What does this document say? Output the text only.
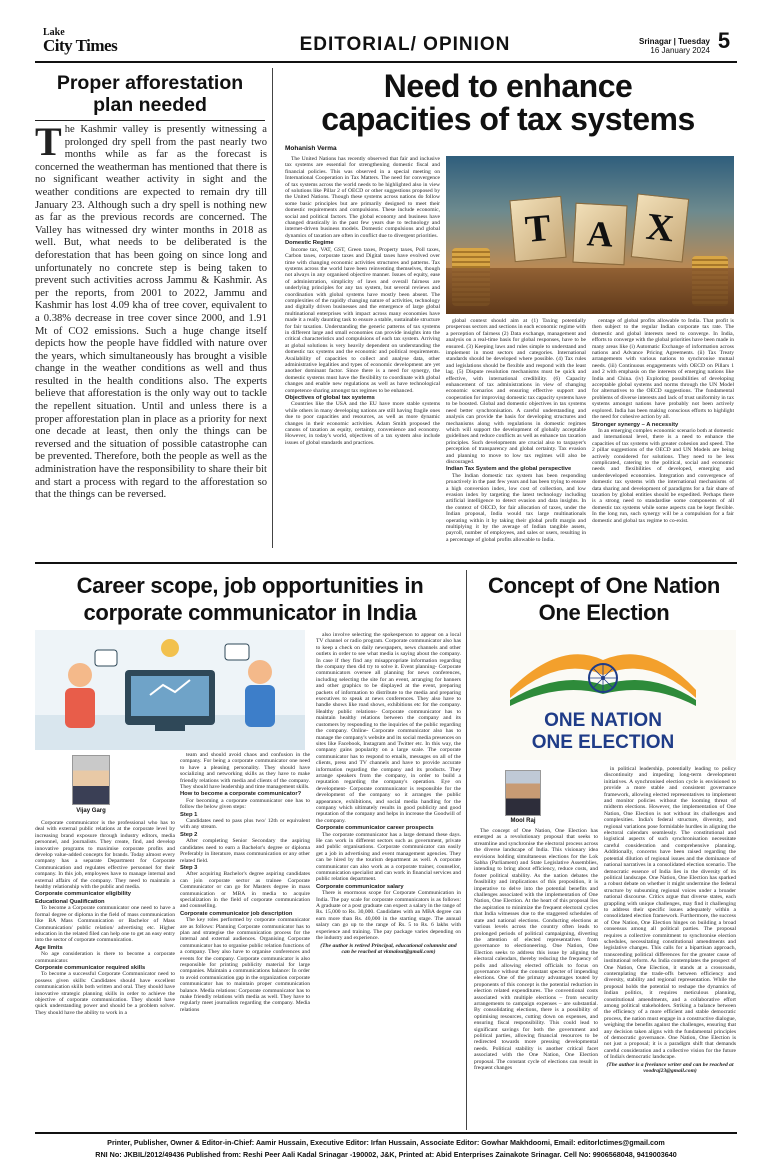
Lake
City Times	EDITORIAL/ OPINION	Srinagar | Tuesday
16 January 2024 5
Proper afforestation
plan needed
The Kashmir valley is presently witnessing a prolonged dry spell from the past nearly two months while as far as the forecast is concerned the weatherman has mentioned that there is no significant weather activity in sight and the weather conditions are expected to remain dry till January 23. Although such a dry spell is nothing new as far as the previous records are concerned. The Valley has witnessed dry winter months in 2018 as well. But, what needs to be deliberated is the deforestation that has been going on since long and unfortunately no concrete step is being taken to prevent such activities across Jammu & Kashmir. As per the reports, from 2001 to 2022, Jammu and Kashmir has lost 4.09 kha of tree cover, equivalent to a 0.38% decrease in tree cover since 2000, and 1.91 Mt of CO2 emissions. Such a huge change itself depicts how the people have fiddled with nature over the years, which simultaneously has brought a visible change in the weather conditions as well and thus resulted in the health conditions also. The experts believe that afforestation is the only way out to tackle the repellent situation. Until and unless there is a proper afforestation plan in place as a priority for next one decade at least, then only the things can be reversed and the situation of possible catastrophe can be prevented. Therefore, both the people as well as the administration have the responsibility to share their bit and start a process with regard to the afforestation so that the things can be reversed.
Need to enhance
capacities of tax systems
Mohanish Verma

The United Nations has recently observed that fair and inclusive tax systems are essential for strengthening domestic fiscal and financial policies. This was observed in a special meeting on International Cooperation in Tax Matters. The need for convergence of tax systems across the world needs to be highlighted also in view of solutions like Pillar 2 of OECD or other suggestions proposed by the United Nations. Though these systems across nations do follow some basic principles but are primarily designed to meet their domestic requirements and compulsions. These include economic, social and political factors. The global economy and business have changed drastically in the past few years due to technology and internet-driven business models. Domestic compulsions and global dynamics of taxation are often in conflict due to divergent priorities.

Domestic Regime

Income tax, VAT, GST, Green taxes, Property taxes, Poll taxes, Carbon taxes, corporate taxes and Digital taxes have evolved over time with changing economic activities structures and patterns. Tax systems across the world have been reinventing themselves, though not always in any organised objective manner. Issues of equity, ease of administration, simplicity of laws and overall fairness are underlying principles for any tax system, but several reviews and coordination with global systems have mostly been absent. The complexities of the rapidly changing nature of activities, technology and digitally driven businesses and the emergence of large global multinational enterprises with impact across many economies have made it a really daunting task to ensure a stable, sustainable structure for fair taxation. Understanding the generic patterns of tax systems in different large and small economies can provide insights into the critical characteristics and compulsions of each tax system. Arriving at global solutions is very heavily dependent on understanding the domestic tax systems and the economic and political requirements. Availability of capacities to collect and analyse data, other administrative legalities and types of economic development are yet another dominant factor. Since there is a need for synergy, the domestic systems must have the flexibility to coordinate with global changes and enable new regulations as well as have technological competence sharing amongst tax regimes to be enhanced.

Objectives of global tax systems

Countries like the USA and the EU have more stable systems while others in many developing nations are still having fragile ones due to poor capacities and resources, as well as more dynamic changes in their economic activities. Adam Smith proposed the canons of taxation as equity, certainty, convenience and economy. However, in today's world, objectives of a tax system also include issues of global standards and practices.

T A X

global context should aim at (1) Taxing potentially prosperous sectors and sections in each economic regime with a perception of fairness (2) Data exchange, management and analysis on a real-time basis for global responses, have to be ensured. (3) Keeping laws and rules simple to understand and implement in most sectors and categories. International standards should be developed where possible. (4) Tax rules and legislations should be flexible and respond with the least lag. (5) Dispute resolution mechanisms must be quick and effective, with international credibility. (6) Capacity enhancement of tax administrations in view of changing economic scenarios and ensuring effective support and cooperation for improving domestic tax capacity systems have to be boosted. Global and domestic objectives in tax systems need better synchronisation. A careful understanding and analysis can provide the basis for developing structures and mechanisms along with regulations in domestic regimes which will support the development of globally acceptable guidelines and reduce conflicts as well as enhance tax taxation principles. Such developments are crucial also to taxpayer's perception of transparency and global certainty. Tax evasion and planning to move to low tax regimes will also be discouraged.

Indian Tax System and the global perspective

The Indian domestic tax system has been responding proactively in the past few years and has been trying to ensure a high conversion index, low cost of collection, and low evasion index by targeting the latest technology including artificial intelligence to detect evasion and data insights. In the context of OECD, for fair allocation of taxes, under the Indian proposal, India would tax large multinationals operating within it by taking their global profit margin and multiplying it by the average of Indian tangible assets, payroll, number of employees, and sales or users, resulting in a percentage of global profits allowable to India.

centage of global profits allowable to India. That profit is then subject to the regular Indian corporate tax rate. The domestic and global interests need to converge. In India, efforts to converge with the global priorities have been made in many areas like (i) Automatic Exchange of information across nations and Advance Pricing Agreements. (ii) Tax Treaty arrangements with various nations to synchronise mutual needs. (iii) Continuous engagements with OECD on Pillars 1 and 2 with emphasis on the interests of emerging nations like India and China. (iv) Exploring possibilities of developing acceptable global systems and norms through the UN Model for alternatives to the OECD suggestions. The fundamental problems of diverse interests and lack of trust uniformity in tax systems amongst nations have probably not been actively explored. India has been making conscious efforts to highlight the need for cohesive action by all.

Stronger synergy – A necessity

In an emerging complex economic scenario both at domestic and international level, there is a need to enhance the capacities of tax systems with greater cohesion and speed. The 2 pillar suggestions of the OECD and UN Models are being actively considered for solutions. They need to be less complicated, catering to the political, social and economic needs and flexibilities of developed, emerging and underdeveloped economies. Integration and convergence of domestic tax systems with the international mechanisms of data sharing and development of paradigms for a fair share of taxation by global entities should be expedited. Perhaps there is a strong need to standardise some components of all domestic tax systems while some aspects can be kept flexible. In the long run, such synergy will be a compulsion for a fair domestic and global tax regime to co-exist.

Career scope, job opportunities in
corporate communicator in India
Vijay Garg

Corporate communicator is the professional who has to deal with external public relations at the corporate level by increasing brand exposure through industry editors, media personnel, and journalists. They create, find, and develop innovative programs to maximise corporate profits and develop value-added concepts for brands. Today almost every company has a separate Department for Corporate Communication and regulates effective personnel for their company. In this job, employees have to manage internal and external affairs of the company. They need to maintain a healthy relationship with the public and media.

Corporate communicator eligibility
Educational Qualification

To become a Corporate communicator one need to have a formal degree or diploma in the field of mass communication like BA Mass Communication or Bachelor of Mass Communication/ public relation/ advertising etc. Higher education in the related filed can help one to get an easy entry into the sector of corporate communication.

Age limits

No age consideration is there to become a corporate communicator.

Corporate communicator required skills

To become a successful Corporate Communicator need to possess given skills: Candidates should have excellent communication skills both written and oral. They should have innovative strategic planning skills in order to achieve the objective of corporate communication. They should have quick understanding power and should be a problem solver. They should have the ability to work in a

team and should avoid chaos and confusion in the company. For being a corporate communicator one need to have a pleasing personality. They should have socializing and networking skills as they have to make friendly relations with media and clients of the company. They should have leadership and time management skills.

How to become a corporate communicator?

For becoming a corporate communicator one has to follow the below given steps:

Step 1

Candidates need to pass plus two/ 12th or equivalent with any stream.

Step 2

After completing Senior Secondary the aspiring candidates need to earn a Bachelor's degree or diploma Preferably in literature, mass communication or any other related field.

Step 3

After acquiring Bachelor's degree aspiring candidates can join corporate sector as trainee Corporate Communicator or can go for Masters degree in mass communication or MBA in media to acquire specialization in the field of corporate communication and counselling.

Corporate communicator job description

The key roles performed by corporate communicator are as follows: Planning Corporate communicator has to plan and strategise the communication process for the internal and external audiences. Organising Corporate communicator has to organise public relation functions of a company. They also have to organise conferences and events for the company. Corporate communicator is also responsible for printing publicity material for large companies. Maintain a communications balance: In order to avoid communication gap in the organization corporate communicator has to maintain proper communication balance. Media relations: Corporate communicator has to make friendly relations with media as well. They have to regularly meet journalists regarding the company. Media relations

also involve selecting the spokesperson to appear on a local TV channel or radio program. Corporate communicator also has to keep a check on daily newspapers, news channels and other outlets in order to see what media is saying about the company. In case if they find any misappropriate information regarding the company then did try to solve it. Event planning- Corporate communicators oversee all planning for news conferences, including selecting the site for an event, arranging for banners and other graphics to be displayed at the event, preparing packets of information to distribute to the media and preparing executives to speak at news conferences. They also have to handle shows like road shows, exhibitions etc for the company. Healthy public relations- Corporate communicator has to maintain healthy relations between the company and its customers by responding to the inquiries of the public regarding the company. Online- Corporate communicator also has to manage the company's website and its social media presences on sites like Facebook, Instagram and Twitter etc. In this way, the company gains popularity on a large scale. The corporate communicator has to respond to emails, messages on all of the clients, press and TV channels and have to provide accurate information regarding the company and its products. They arrange speakers from the company, in order to build a reputation regarding the company's operation. Eye on development- Corporate communicator is responsible for the development of the company so it arranges the public appearance, exhibitions, and social media handling for the company which ultimately results in good publicity and good reputation of the company and helps in increase the Goodwill of the company.

Corporate communicator career prospects

The corporate communicator has a large demand these days. He can work in different sectors such as government, private and public organisations. Corporate communicator can easily get a job in advertising and event management agencies. They can be hired by the tourism department as well. A corporate communicator can also work as a corporate trainer, counsellor, communication specialist and can work in financial services and public relation department.

Corporate communicator salary

There is enormous scope for Corporate Communication in India. The pay scale for corporate communicators is as follows: A graduate or a post graduate can expect a salary in the range of Rs. 15,000 to Rs. 30,000. Candidates with an MBA degree can earn more than Rs. 40,000 in the starting stage. The annual salary can go up to the range of Rs. 5 to Rs. 6 lakhs with experience and training. The pay package varies depending on the industry and experience.

(The author is retired Principal, educational columnist and can be reached at vkmalout@gmail.com)

Concept of One Nation
One Election
ONE NATION
ONE ELECTION
Mool Raj

The concept of One Nation, One Election has emerged as a revolutionary proposal that seeks to streamline and synchronise the electoral process across the diverse landscape of India. This visionary idea envisions holding simultaneous elections for the Lok Sabha (Parliament) and State Legislative Assemblies, intending to bring about efficiency, reduce costs, and foster political stability. As the nation debates the feasibility and implications of this proposition, it is imperative to delve into the potential benefits and challenges associated with the implementation of One Nation, One Election. At the heart of this proposal lies the aspiration to minimize the frequent electoral cycles that India witnesses due to the staggered schedules of state and national elections. Conducting elections at various levels across the country often leads to prolonged periods of political campaigning, diverting the attention of elected representatives from governance to electioneering. One Nation, One Election seeks to address this issue by aligning the electoral calendars, thereby reducing the frequency of polls and allowing elected officials to focus on governance without the constant specter of impending elections. One of the primary advantages touted by proponents of this concept is the potential reduction in election related expenditures. The conventional costs associated with multiple elections – from security arrangements to campaign expenses – are substantial. By consolidating elections, there is a possibility of optimising resources, cutting down on expenses, and ensuring fiscal responsibility. This could lead to significant savings for both the government and political parties, allowing financial resources to be redirected towards more pressing developmental needs. Political stability is another critical facet associated with the One Nation, One Election proposal. The constant cycle of elections can result in frequent changes

in political leadership, potentially leading to policy discontinuity and impeding long-term development initiatives. A synchronised election cycle is envisioned to provide a more stable and consistent governance framework, allowing elected representatives to implement and monitor policies without the looming threat of midterm elections. However, the implementation of One Nation, One Election is not without its challenges and complexities. India's federal structure, diversity, and regional variations pose formidable hurdles in aligning the electoral calendars seamlessly. The constitutional and logistical aspects of such synchronisation necessitate careful consideration and comprehensive planning. Additionally, concerns have been raised regarding the potential dilution of regional issues and the dominance of national narratives in a consolidated election scenario. The democratic essence of India lies in the diversity of its political landscape. One Nation, One Election has sparked a robust debate on whether it might undermine the federal structure by subsuming regional voices under a broader national discourse. Critics argue that diverse states, each grappling with unique challenges, may find it challenging to address their specific issues adequately within a consolidated election framework. Furthermore, the success of One Nation, One Election hinges on building a broad consensus among all political parties. The proposal requires a collective commitment to synchronise election schedules, necessitating constitutional amendments and legislative changes. This calls for a bipartisan approach, transcending political differences for the greater cause of institutional reform. As India contemplates the prospect of One Nation, One Election, it stands at a crossroads, contemplating the trade-offs between efficiency and diversity, stability and regional representation. While the proposal holds the potential to reshape the dynamics of Indian politics, it requires meticulous planning, constitutional amendments, and a collaborative effort among political stakeholders. Striking a balance between the efficiency of a more efficient and stable democratic process, the nation must engage in a constructive dialogue, weighing the benefits against the challenges, ensuring that any decision taken aligns with the fundamental principles of democratic governance. One Nation, One Election is not just a proposal; it is a paradigm shift that demands careful consideration and a collective vision for the future of India's democratic landscape.

(The author is a freelance writer and can be reached at voodraj23@gmail.com)

Printer, Publisher, Owner & Editor-in-Chief: Aamir Hussain, Executive Editor: Irfan Hussain, Associate Editor: Gowhar Makhdoomi, Email: editorlctimes@gmail.com
RNI No: JKBIL/2012/49436 Published from: Reshi Peer Aali Kadal Srinagar -190002, J&K, Printed at: Abid Enterprises Zainakote Srinagar. Cell No: 9906568048, 9419003640
